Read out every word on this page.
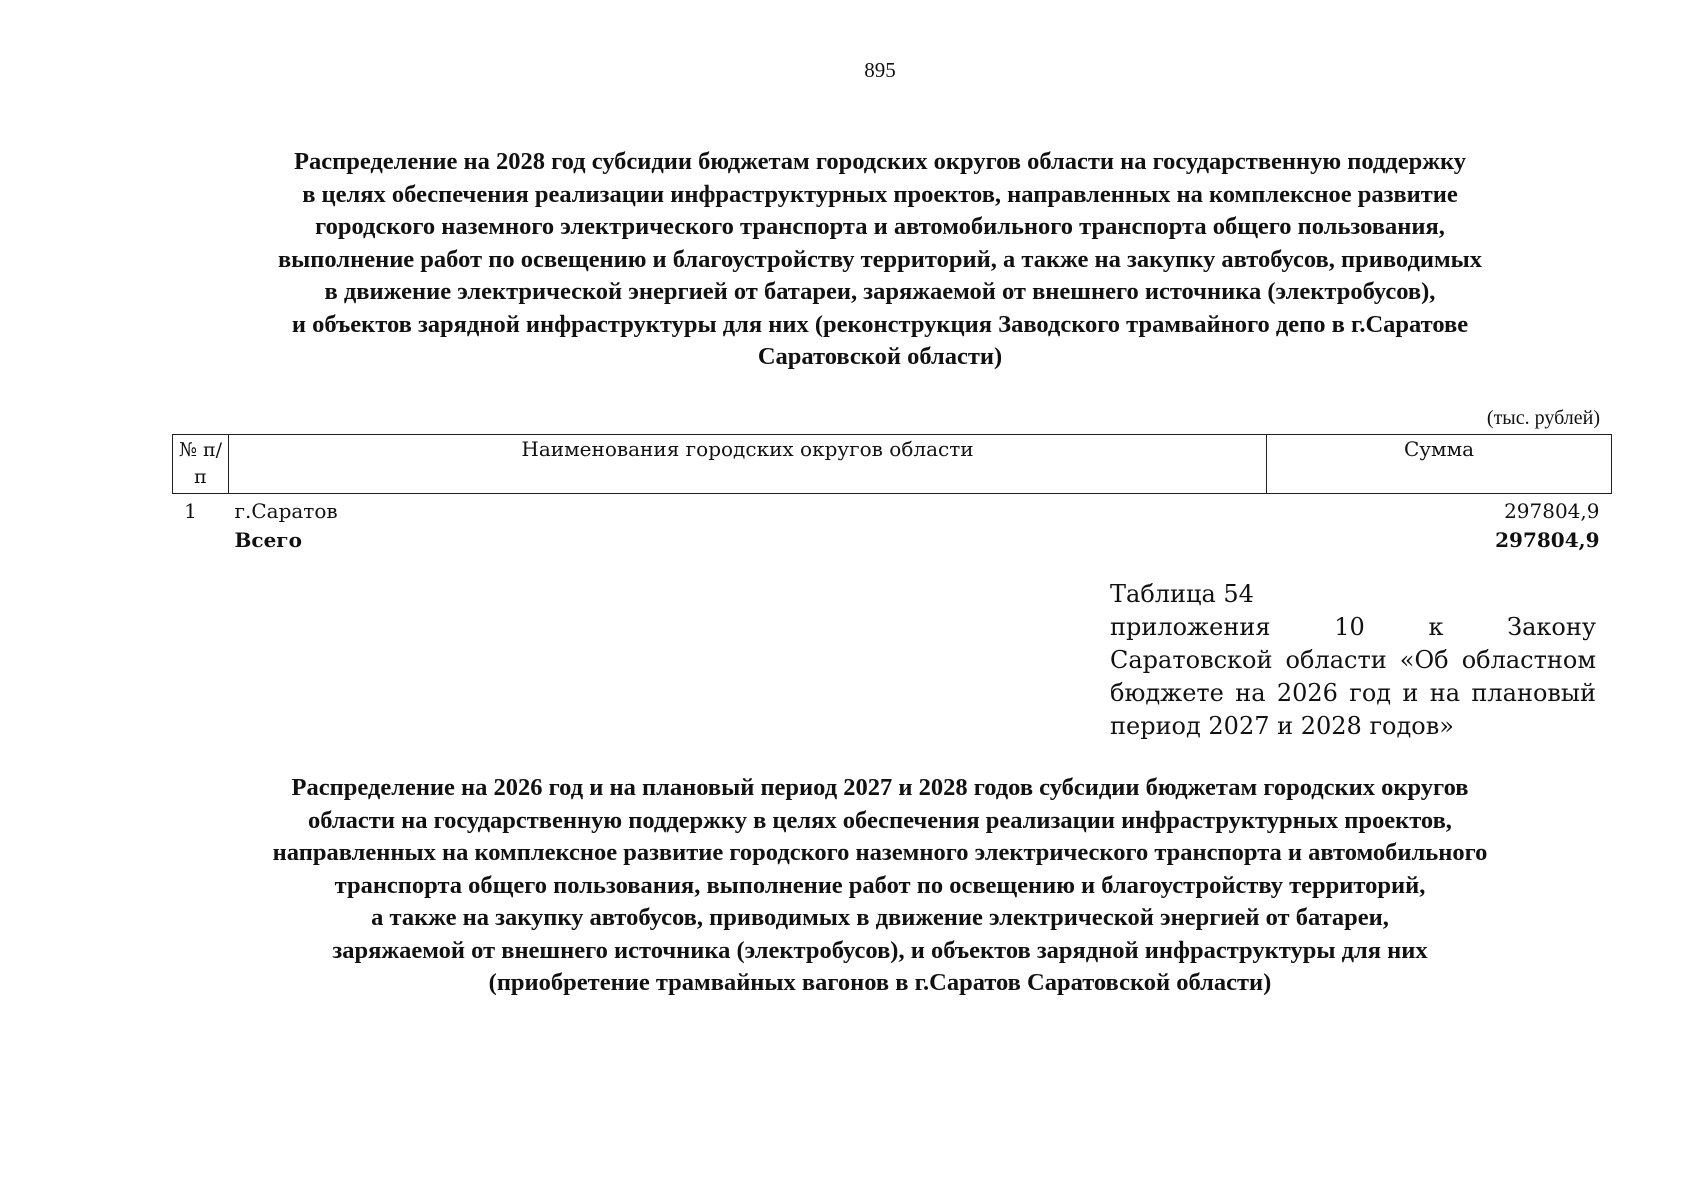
895
Распределение на 2028 год субсидии бюджетам городских округов области на государственную поддержку
в целях обеспечения реализации инфраструктурных проектов, направленных на комплексное развитие
городского наземного электрического транспорта и автомобильного транспорта общего пользования,
выполнение работ по освещению и благоустройству территорий, а также на закупку автобусов, приводимых
в движение электрической энергией от батареи, заряжаемой от внешнего источника (электробусов),
и объектов зарядной инфраструктуры для них (реконструкция Заводского трамвайного депо в г.Саратове
Саратовской области)
(тыс. рублей)
№ п/п	Наименования городских округов области	Сумма
1	г.Саратов	297804,9
	Всего	297804,9
Таблица 54
приложения 10 к Закону Саратовской области «Об областном бюджете на 2026 год и на плановый период 2027 и 2028 годов»
Распределение на 2026 год и на плановый период 2027 и 2028 годов субсидии бюджетам городских округов
области на государственную поддержку в целях обеспечения реализации инфраструктурных проектов,
направленных на комплексное развитие городского наземного электрического транспорта и автомобильного
транспорта общего пользования, выполнение работ по освещению и благоустройству территорий,
а также на закупку автобусов, приводимых в движение электрической энергией от батареи,
заряжаемой от внешнего источника (электробусов), и объектов зарядной инфраструктуры для них
(приобретение трамвайных вагонов в г.Саратов Саратовской области)
